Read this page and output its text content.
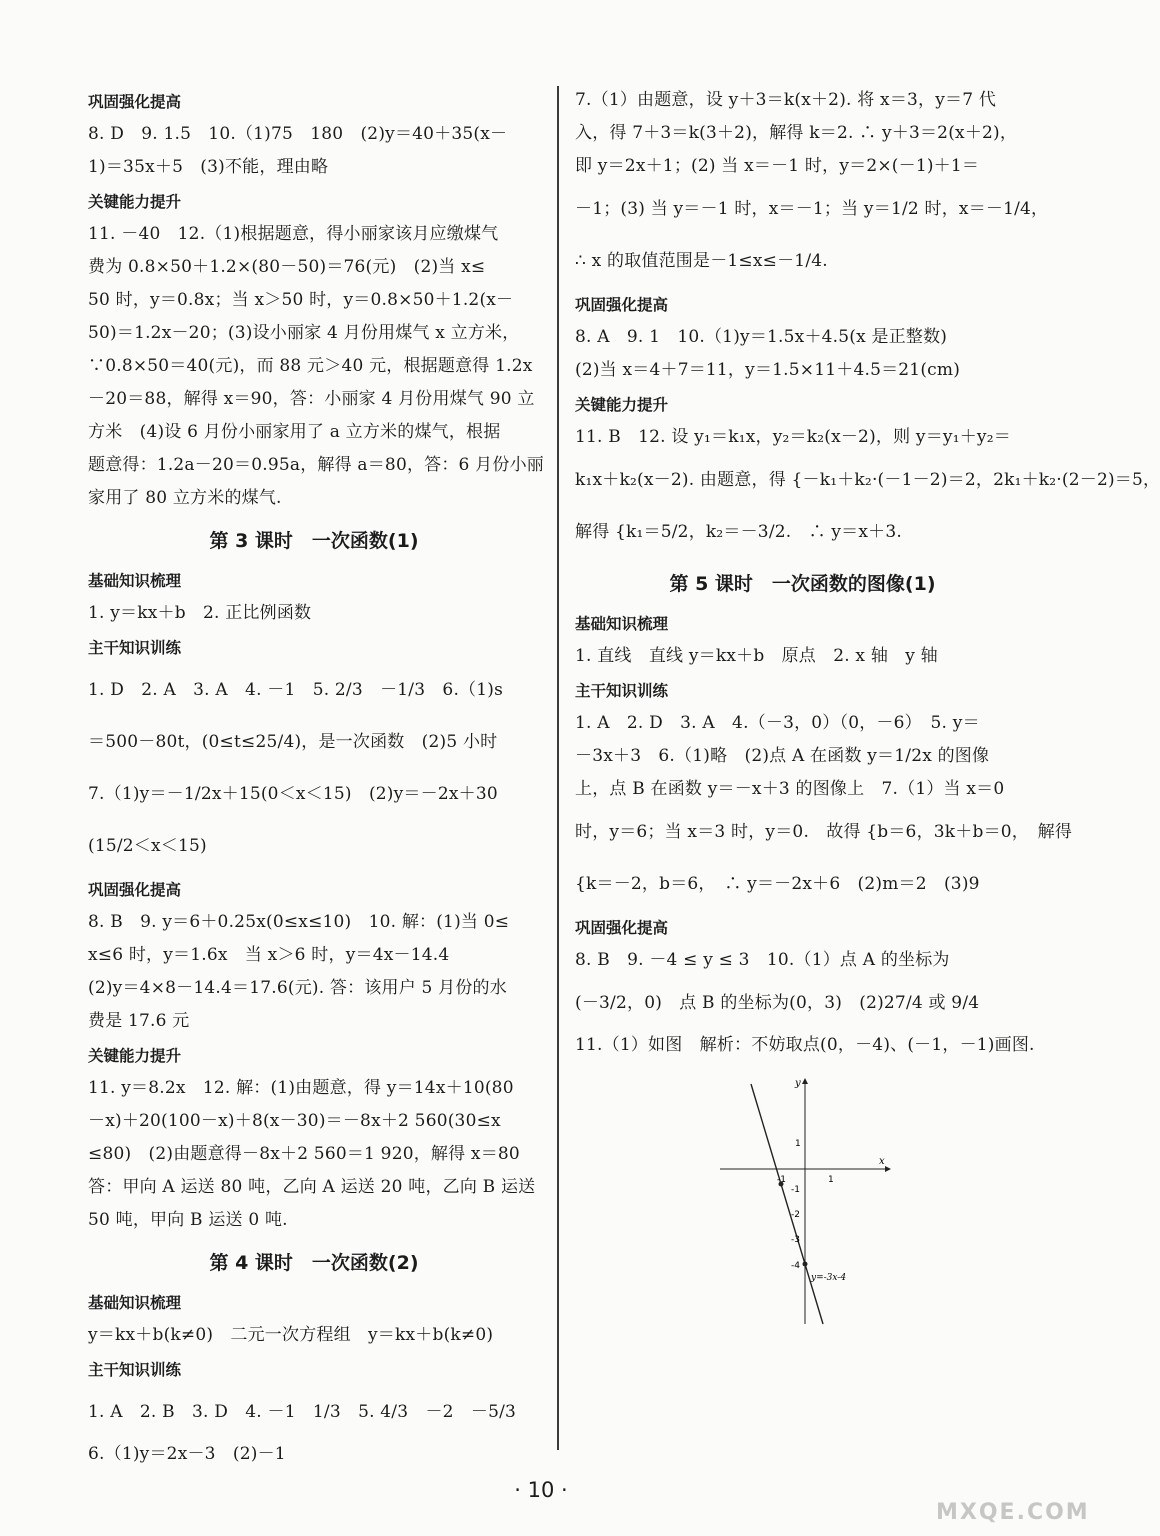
巩固强化提高
8. D　9. 1.5　10.（1)75　180　(2)y＝40＋35(x－
1)＝35x＋5　(3)不能，理由略
关键能力提升
11. －40　12.（1)根据题意，得小丽家该月应缴煤气
费为 0.8×50＋1.2×(80－50)＝76(元)　(2)当 x≤
50 时，y＝0.8x；当 x＞50 时，y＝0.8×50＋1.2(x－
50)＝1.2x－20；(3)设小丽家 4 月份用煤气 x 立方米，
∵0.8×50＝40(元)，而 88 元＞40 元，根据题意得 1.2x
－20＝88，解得 x＝90，答：小丽家 4 月份用煤气 90 立
方米　(4)设 6 月份小丽家用了 a 立方米的煤气，根据
题意得：1.2a－20＝0.95a，解得 a＝80，答：6 月份小丽
家用了 80 立方米的煤气.
第 3 课时　一次函数(1)
基础知识梳理
1. y＝kx＋b　2. 正比例函数
主干知识训练
1. D　2. A　3. A　4. －1　5. 2/3　－1/3　6.（1)s
＝500－80t，(0≤t≤25/4)，是一次函数　(2)5 小时
7.（1)y＝－1/2x＋15(0＜x＜15)　(2)y＝－2x＋30
(15/2＜x＜15)
巩固强化提高
8. B　9. y＝6＋0.25x(0≤x≤10)　10. 解：(1)当 0≤
x≤6 时，y＝1.6x　当 x＞6 时，y＝4x－14.4
(2)y＝4×8－14.4＝17.6(元). 答：该用户 5 月份的水
费是 17.6 元
关键能力提升
11. y＝8.2x　12. 解：(1)由题意，得 y＝14x＋10(80
－x)＋20(100－x)＋8(x－30)＝－8x＋2 560(30≤x
≤80)　(2)由题意得－8x＋2 560＝1 920，解得 x＝80
答：甲向 A 运送 80 吨，乙向 A 运送 20 吨，乙向 B 运送
50 吨，甲向 B 运送 0 吨.
第 4 课时　一次函数(2)
基础知识梳理
y＝kx＋b(k≠0)　二元一次方程组　y＝kx＋b(k≠0)
主干知识训练
1. A　2. B　3. D　4. －1　1/3　5. 4/3　－2　－5/3
6.（1)y＝2x－3　(2)－1
7.（1）由题意，设 y＋3＝k(x＋2). 将 x＝3，y＝7 代
入，得 7＋3＝k(3＋2)，解得 k＝2. ∴ y＋3＝2(x＋2)，
即 y＝2x＋1；(2) 当 x＝－1 时，y＝2×(－1)＋1＝
－1；(3) 当 y＝－1 时，x＝－1；当 y＝1/2 时，x＝－1/4，
∴ x 的取值范围是－1≤x≤－1/4.
巩固强化提高
8. A　9. 1　10.（1)y＝1.5x＋4.5(x 是正整数)
(2)当 x＝4＋7＝11，y＝1.5×11＋4.5＝21(cm)
关键能力提升
11. B　12. 设 y₁＝k₁x，y₂＝k₂(x－2)，则 y＝y₁＋y₂＝
k₁x＋k₂(x－2). 由题意，得 {－k₁＋k₂·(－1－2)＝2，2k₁＋k₂·(2－2)＝5，
解得 {k₁＝5/2，k₂＝－3/2.　∴ y＝x＋3.
第 5 课时　一次函数的图像(1)
基础知识梳理
1. 直线　直线 y＝kx＋b　原点　2. x 轴　y 轴
主干知识训练
1. A　2. D　3. A　4.（－3，0）（0，－6）　5. y＝
－3x＋3　6.（1)略　(2)点 A 在函数 y＝1/2x 的图像
上，点 B 在函数 y＝－x＋3 的图像上　7.（1）当 x＝0
时，y＝6；当 x＝3 时，y＝0.　故得 {b＝6，3k＋b＝0，　解得
{k＝－2，b＝6，　∴ y＝－2x＋6　(2)m＝2　(3)9
巩固强化提高
8. B　9. －4 ≤ y ≤ 3　10.（1）点 A 的坐标为
(－3/2，0)　点 B 的坐标为(0，3)　(2)27/4 或 9/4
11.（1）如图　解析：不妨取点(0，－4)、(－1，－1)画图.
x
y
1
-1
1
-1
-2
-3
-4
y=-3x-4
· 10 ·
MXQE.COM
